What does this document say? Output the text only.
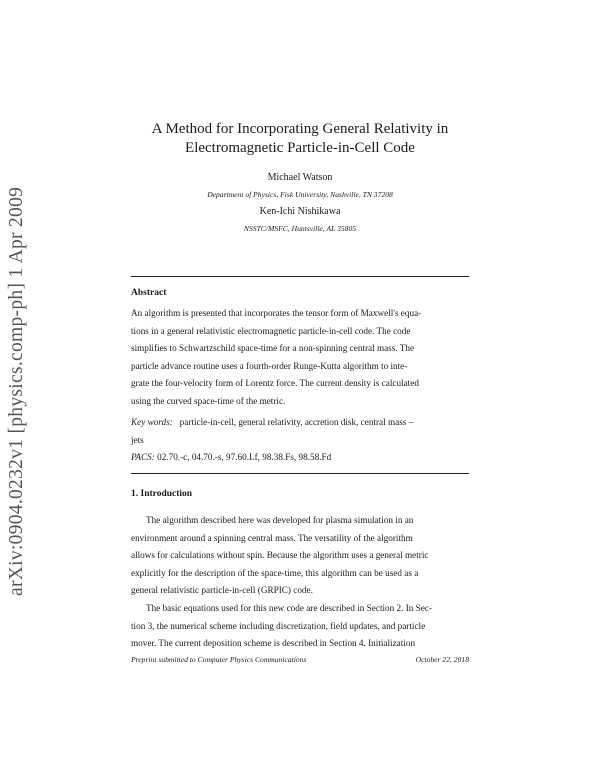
arXiv:0904.0232v1 [physics.comp-ph] 1 Apr 2009
A Method for Incorporating General Relativity in
Electromagnetic Particle-in-Cell Code
Michael Watson
Department of Physics, Fisk University, Nashville, TN 37208
Ken-Ichi Nishikawa
NSSTC/MSFC, Huntsville, AL 35805
Abstract
An algorithm is presented that incorporates the tensor form of Maxwell's equa-
tions in a general relativistic electromagnetic particle-in-cell code. The code
simplifies to Schwartzschild space-time for a non-spinning central mass. The
particle advance routine uses a fourth-order Runge-Kutta algorithm to inte-
grate the four-velocity form of Lorentz force. The current density is calculated
using the curved space-time of the metric.
Key words: particle-in-cell, general relativity, accretion disk, central mass –
jets
PACS: 02.70.-c, 04.70.-s, 97.60.Lf, 98.38.Fs, 98.58.Fd
1. Introduction
The algorithm described here was developed for plasma simulation in an
environment around a spinning central mass. The versatility of the algorithm
allows for calculations without spin. Because the algorithm uses a general metric
explicitly for the description of the space-time, this algorithm can be used as a
general relativistic particle-in-cell (GRPIC) code.
The basic equations used for this new code are described in Section 2. In Sec-
tion 3, the numerical scheme including discretization, field updates, and particle
mover. The current deposition scheme is described in Section 4. Initialization
Preprint submitted to Computer Physics Communications	October 22, 2018
